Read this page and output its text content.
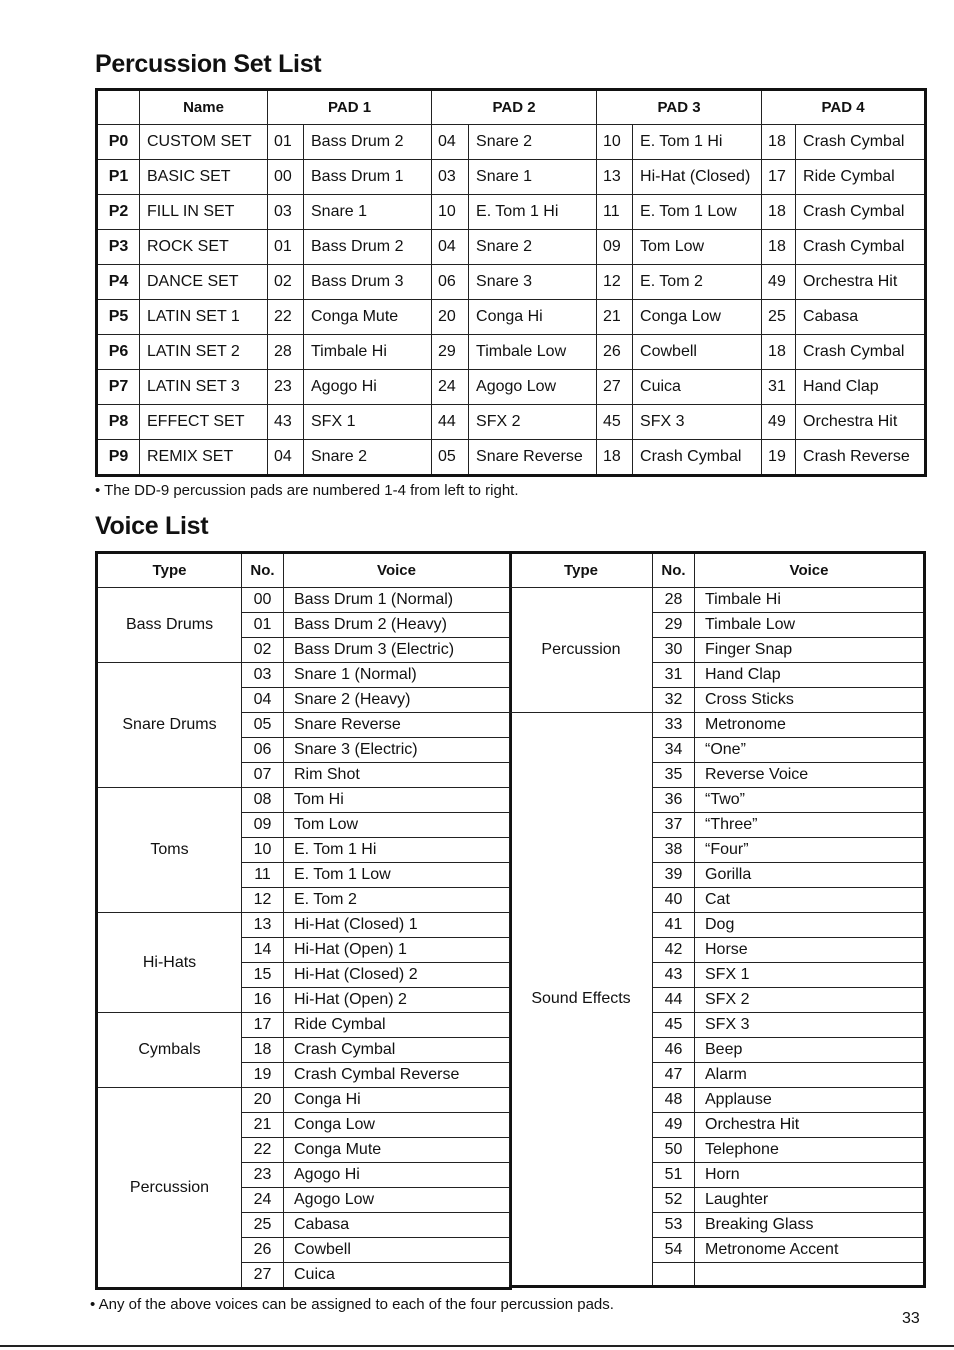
Percussion Set List
	Name	PAD 1		PAD 2		PAD 3		PAD 4	
P0	CUSTOM SET	01	Bass Drum 2	04	Snare 2	10	E. Tom 1 Hi	18	Crash Cymbal
P1	BASIC SET	00	Bass Drum 1	03	Snare 1	13	Hi-Hat (Closed)	17	Ride Cymbal
P2	FILL IN SET	03	Snare 1	10	E. Tom 1 Hi	11	E. Tom 1 Low	18	Crash Cymbal
P3	ROCK SET	01	Bass Drum 2	04	Snare 2	09	Tom Low	18	Crash Cymbal
P4	DANCE SET	02	Bass Drum 3	06	Snare 3	12	E. Tom 2	49	Orchestra Hit
P5	LATIN SET 1	22	Conga Mute	20	Conga Hi	21	Conga Low	25	Cabasa
P6	LATIN SET 2	28	Timbale Hi	29	Timbale Low	26	Cowbell	18	Crash Cymbal
P7	LATIN SET 3	23	Agogo Hi	24	Agogo Low	27	Cuica	31	Hand Clap
P8	EFFECT SET	43	SFX 1	44	SFX 2	45	SFX 3	49	Orchestra Hit
P9	REMIX SET	04	Snare 2	05	Snare Reverse	18	Crash Cymbal	19	Crash Reverse
• The DD-9 percussion pads are numbered 1-4 from left to right.
Voice List
Type	No.	Voice
Bass Drums	00	Bass Drum 1 (Normal)
	01	Bass Drum 2 (Heavy)
	02	Bass Drum 3 (Electric)
Snare Drums	03	Snare 1 (Normal)
	04	Snare 2 (Heavy)
	05	Snare Reverse
	06	Snare 3 (Electric)
	07	Rim Shot
Toms	08	Tom Hi
	09	Tom Low
	10	E. Tom 1 Hi
	11	E. Tom 1 Low
	12	E. Tom 2
Hi-Hats	13	Hi-Hat (Closed) 1
	14	Hi-Hat (Open) 1
	15	Hi-Hat (Closed) 2
	16	Hi-Hat (Open) 2
Cymbals	17	Ride Cymbal
	18	Crash Cymbal
	19	Crash Cymbal Reverse
Percussion	20	Conga Hi
	21	Conga Low
	22	Conga Mute
	23	Agogo Hi
	24	Agogo Low
	25	Cabasa
	26	Cowbell
	27	Cuica
Type	No.	Voice
Percussion	28	Timbale Hi
	29	Timbale Low
	30	Finger Snap
	31	Hand Clap
	32	Cross Sticks
Sound Effects	33	Metronome
	34	“One”
	35	Reverse Voice
	36	“Two”
	37	“Three”
	38	“Four”
	39	Gorilla
	40	Cat
	41	Dog
	42	Horse
	43	SFX 1
	44	SFX 2
	45	SFX 3
	46	Beep
	47	Alarm
	48	Applause
	49	Orchestra Hit
	50	Telephone
	51	Horn
	52	Laughter
	53	Breaking Glass
	54	Metronome Accent

• Any of the above voices can be assigned to each of the four percussion pads.
33
